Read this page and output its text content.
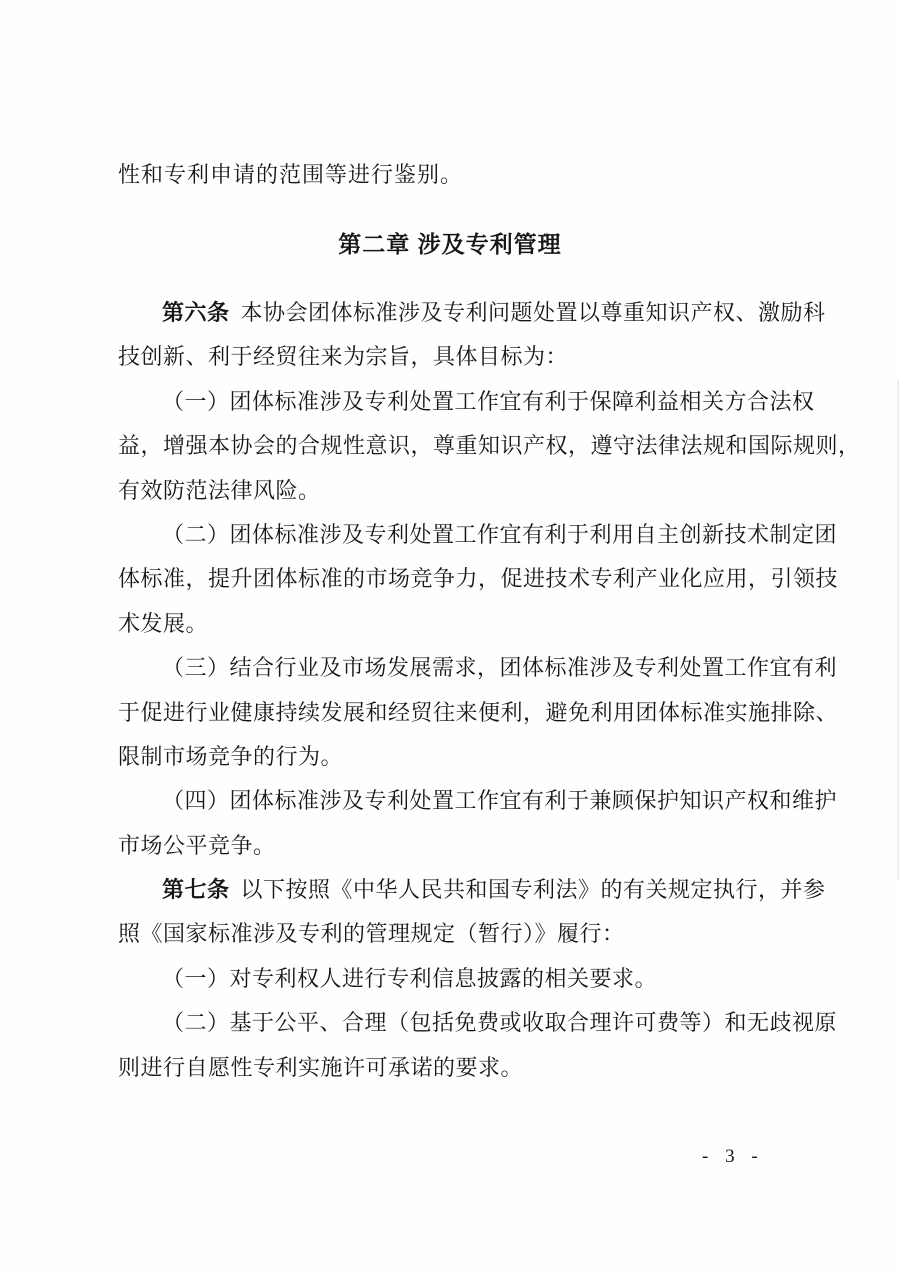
性和专利申请的范围等进行鉴别。
第二章 涉及专利管理
第六条 本协会团体标准涉及专利问题处置以尊重知识产权、激励科
技创新、利于经贸往来为宗旨，具体目标为：
（一）团体标准涉及专利处置工作宜有利于保障利益相关方合法权
益，增强本协会的合规性意识，尊重知识产权，遵守法律法规和国际规则，
有效防范法律风险。
（二）团体标准涉及专利处置工作宜有利于利用自主创新技术制定团
体标准，提升团体标准的市场竞争力，促进技术专利产业化应用，引领技
术发展。
（三）结合行业及市场发展需求，团体标准涉及专利处置工作宜有利
于促进行业健康持续发展和经贸往来便利，避免利用团体标准实施排除、
限制市场竞争的行为。
（四）团体标准涉及专利处置工作宜有利于兼顾保护知识产权和维护
市场公平竞争。
第七条 以下按照《中华人民共和国专利法》的有关规定执行，并参
照《国家标准涉及专利的管理规定（暂行）》履行：
（一）对专利权人进行专利信息披露的相关要求。
（二）基于公平、合理（包括免费或收取合理许可费等）和无歧视原
则进行自愿性专利实施许可承诺的要求。
- 3 -
